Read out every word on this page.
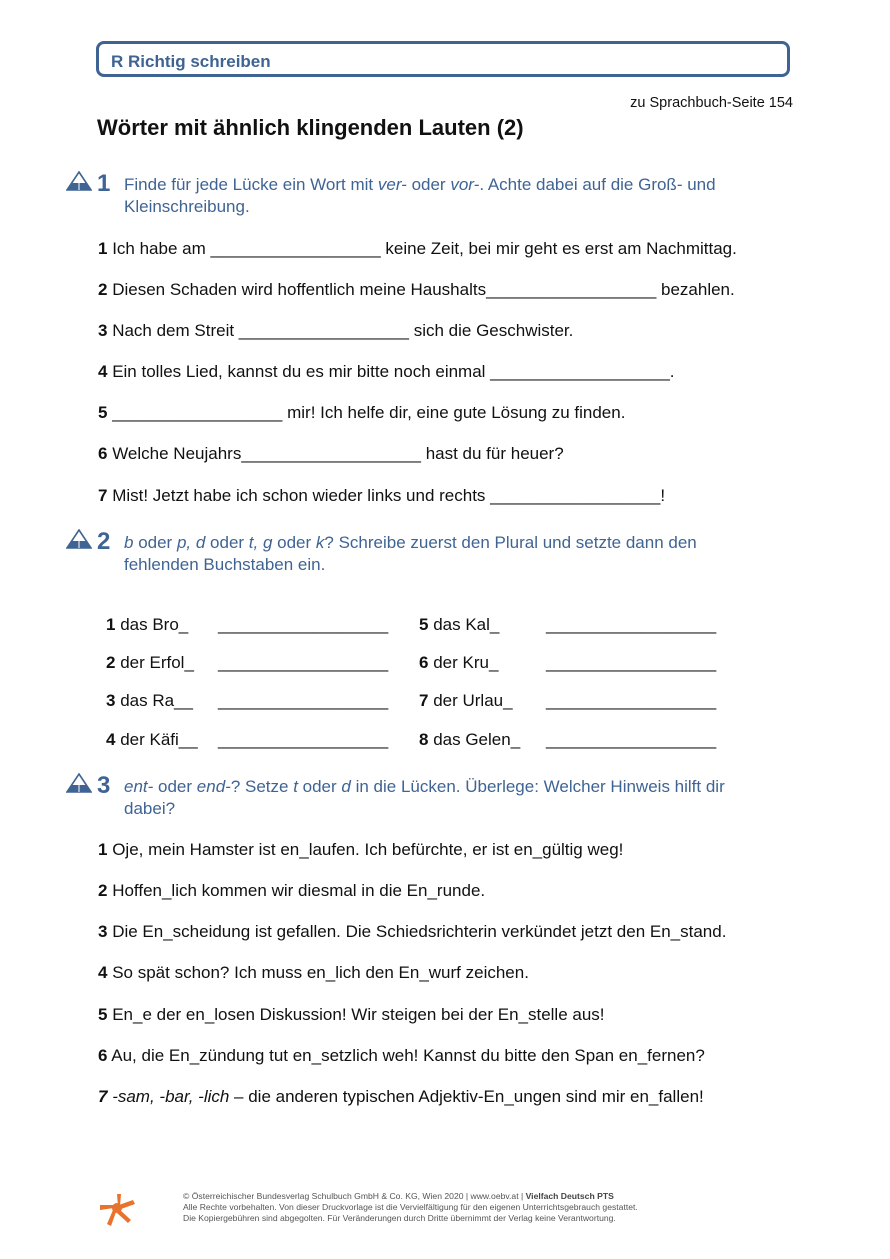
R Richtig schreiben
zu Sprachbuch-Seite 154
Wörter mit ähnlich klingenden Lauten (2)
1 Finde für jede Lücke ein Wort mit ver- oder vor-. Achte dabei auf die Groß- und
Kleinschreibung.
1 Ich habe am __________________ keine Zeit, bei mir geht es erst am Nachmittag.
2 Diesen Schaden wird hoffentlich meine Haushalts__________________ bezahlen.
3 Nach dem Streit __________________ sich die Geschwister.
4 Ein tolles Lied, kannst du es mir bitte noch einmal ___________________.
5 __________________ mir! Ich helfe dir, eine gute Lösung zu finden.
6 Welche Neujahrs___________________ hast du für heuer?
7 Mist! Jetzt habe ich schon wieder links und rechts __________________!
2 b oder p, d oder t, g oder k? Schreibe zuerst den Plural und setzte dann den
fehlenden Buchstaben ein.
1 das Bro_ __________________
2 der Erfol_ __________________
3 das Ra__ __________________
4 der Käfi__ __________________
5 das Kal_	__________________
6 der Kru_	__________________
7 der Urlau_ __________________
8 das Gelen_ __________________
3 ent- oder end-? Setze t oder d in die Lücken. Überlege: Welcher Hinweis hilft dir
dabei?
1 Oje, mein Hamster ist en_laufen. Ich befürchte, er ist en_gültig weg!
2 Hoffen_lich kommen wir diesmal in die En_runde.
3 Die En_scheidung ist gefallen. Die Schiedsrichterin verkündet jetzt den En_stand.
4 So spät schon? Ich muss en_lich den En_wurf zeichen.
5 En_e der en_losen Diskussion! Wir steigen bei der En_stelle aus!
6 Au, die En_zündung tut en_setzlich weh! Kannst du bitte den Span en_fernen?
7 -sam, -bar, -lich – die anderen typischen Adjektiv-En_ungen sind mir en_fallen!
© Österreichischer Bundesverlag Schulbuch GmbH & Co. KG, Wien 2020 | www.oebv.at | Vielfach Deutsch PTS
Alle Rechte vorbehalten. Von dieser Druckvorlage ist die Vervielfältigung für den eigenen Unterrichtsgebrauch gestattet.
Die Kopiergebühren sind abgegolten. Für Veränderungen durch Dritte übernimmt der Verlag keine Verantwortung.
